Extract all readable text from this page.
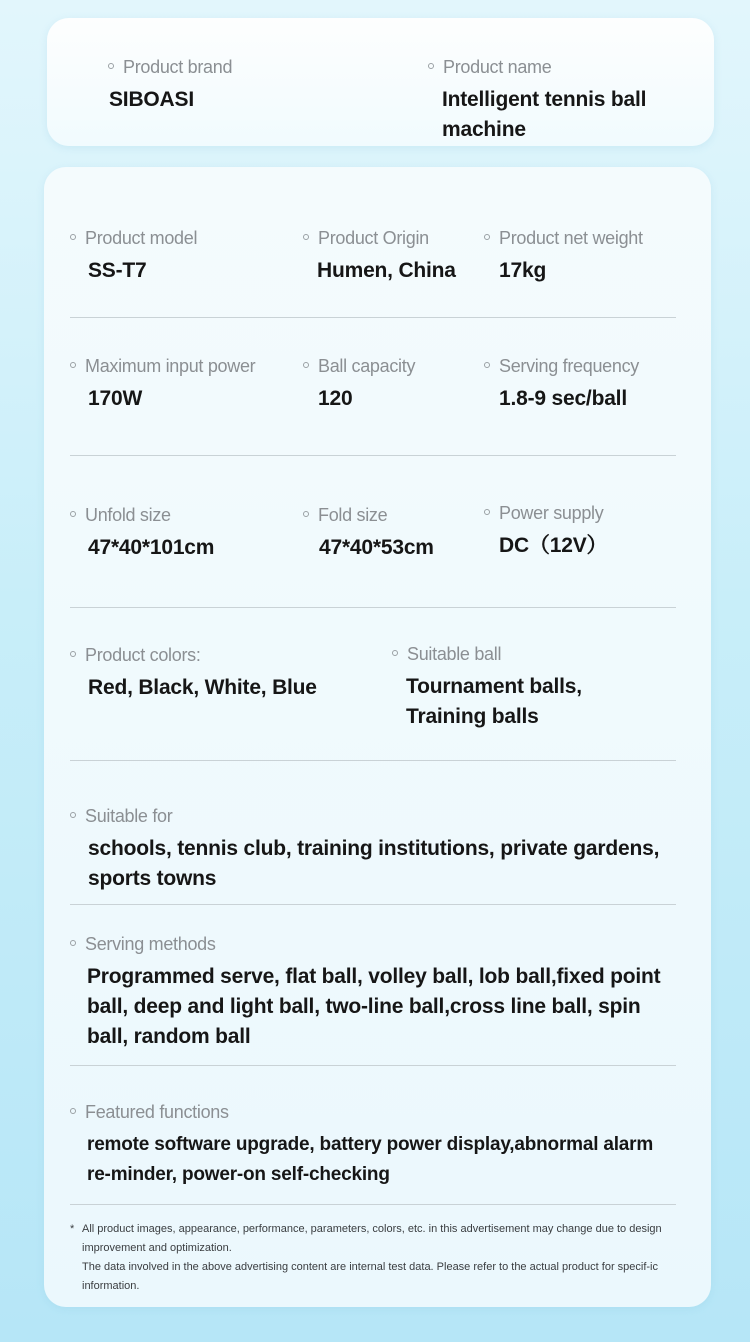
Product brand
SIBOASI
Product name
Intelligent tennis ball machine
Product model
SS-T7
Product Origin
Humen, China
Product net weight
17kg
Maximum input power
170W
Ball capacity
120
Serving frequency
1.8-9 sec/ball
Unfold size
47*40*101cm
Fold size
47*40*53cm
Power supply
DC（12V）
Product colors:
Red, Black, White, Blue
Suitable ball
Tournament balls, Training balls
Suitable for
schools, tennis club, training institutions, private gardens, sports towns
Serving methods
Programmed serve, flat ball, volley ball, lob ball,fixed point ball, deep and light ball, two-line ball,cross line ball, spin ball, random ball
Featured functions
remote software upgrade, battery power display,abnormal alarm re-minder, power-on self-checking
* All product images, appearance, performance, parameters, colors, etc. in this advertisement may change due to design improvement and optimization.
The data involved in the above advertising content are internal test data. Please refer to the actual product for specif-ic information.
